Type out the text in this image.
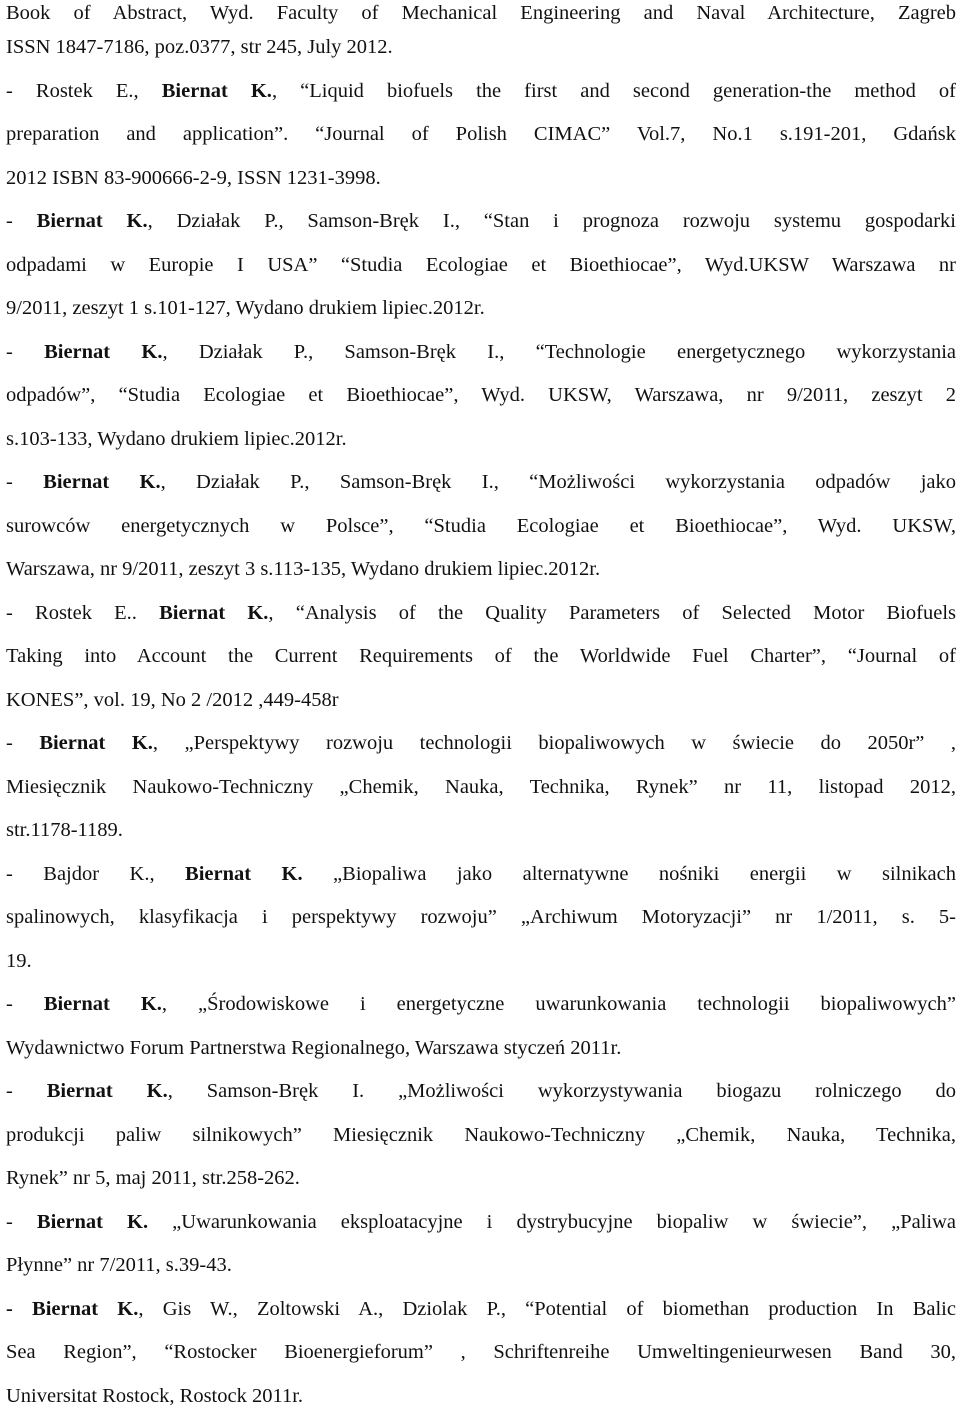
Book of Abstract, Wyd. Faculty of Mechanical Engineering and Naval Architecture, Zagreb
ISSN 1847-7186, poz.0377, str 245, July 2012.
- Rostek E., Biernat K., “Liquid biofuels the first and second generation-the method of
preparation and application”. “Journal of Polish CIMAC” Vol.7, No.1 s.191-201, Gdańsk
2012 ISBN 83-900666-2-9, ISSN 1231-3998.
- Biernat K., Działak P., Samson-Bręk I., “Stan i prognoza rozwoju systemu gospodarki
odpadami w Europie I USA” “Studia Ecologiae et Bioethiocae”, Wyd.UKSW Warszawa nr
9/2011, zeszyt 1 s.101-127, Wydano drukiem lipiec.2012r.
- Biernat K., Działak P., Samson-Bręk I., “Technologie energetycznego wykorzystania
odpadów”, “Studia Ecologiae et Bioethiocae”, Wyd. UKSW, Warszawa, nr 9/2011, zeszyt 2
s.103-133, Wydano drukiem lipiec.2012r.
- Biernat K., Działak P., Samson-Bręk I., “Możliwości wykorzystania odpadów jako
surowców energetycznych w Polsce”, “Studia Ecologiae et Bioethiocae”, Wyd. UKSW,
Warszawa, nr 9/2011, zeszyt 3 s.113-135, Wydano drukiem lipiec.2012r.
- Rostek E.. Biernat K., “Analysis of the Quality Parameters of Selected Motor Biofuels
Taking into Account the Current Requirements of the Worldwide Fuel Charter”, “Journal of
KONES”, vol. 19, No 2 /2012 ,449-458r
- Biernat K., „Perspektywy rozwoju technologii biopaliwowych w świecie do 2050r” ,
Miesięcznik Naukowo-Techniczny „Chemik, Nauka, Technika, Rynek” nr 11, listopad 2012,
str.1178-1189.
- Bajdor K., Biernat K. „Biopaliwa jako alternatywne nośniki energii w silnikach
spalinowych, klasyfikacja i perspektywy rozwoju” „Archiwum Motoryzacji” nr 1/2011, s. 5-
19.
- Biernat K., „Środowiskowe i energetyczne uwarunkowania technologii biopaliwowych”
Wydawnictwo Forum Partnerstwa Regionalnego, Warszawa styczeń 2011r.
- Biernat K., Samson-Bręk I. „Możliwości wykorzystywania biogazu rolniczego do
produkcji paliw silnikowych” Miesięcznik Naukowo-Techniczny „Chemik, Nauka, Technika,
Rynek” nr 5, maj 2011, str.258-262.
- Biernat K. „Uwarunkowania eksploatacyjne i dystrybucyjne biopaliw w świecie”, „Paliwa
Płynne” nr 7/2011, s.39-43.
- Biernat K., Gis W., Zoltowski A., Dziolak P., “Potential of biomethan production In Balic
Sea Region”, “Rostocker Bioenergieforum” , Schriftenreihe Umweltingenieurwesen Band 30,
Universitat Rostock, Rostock 2011r.
